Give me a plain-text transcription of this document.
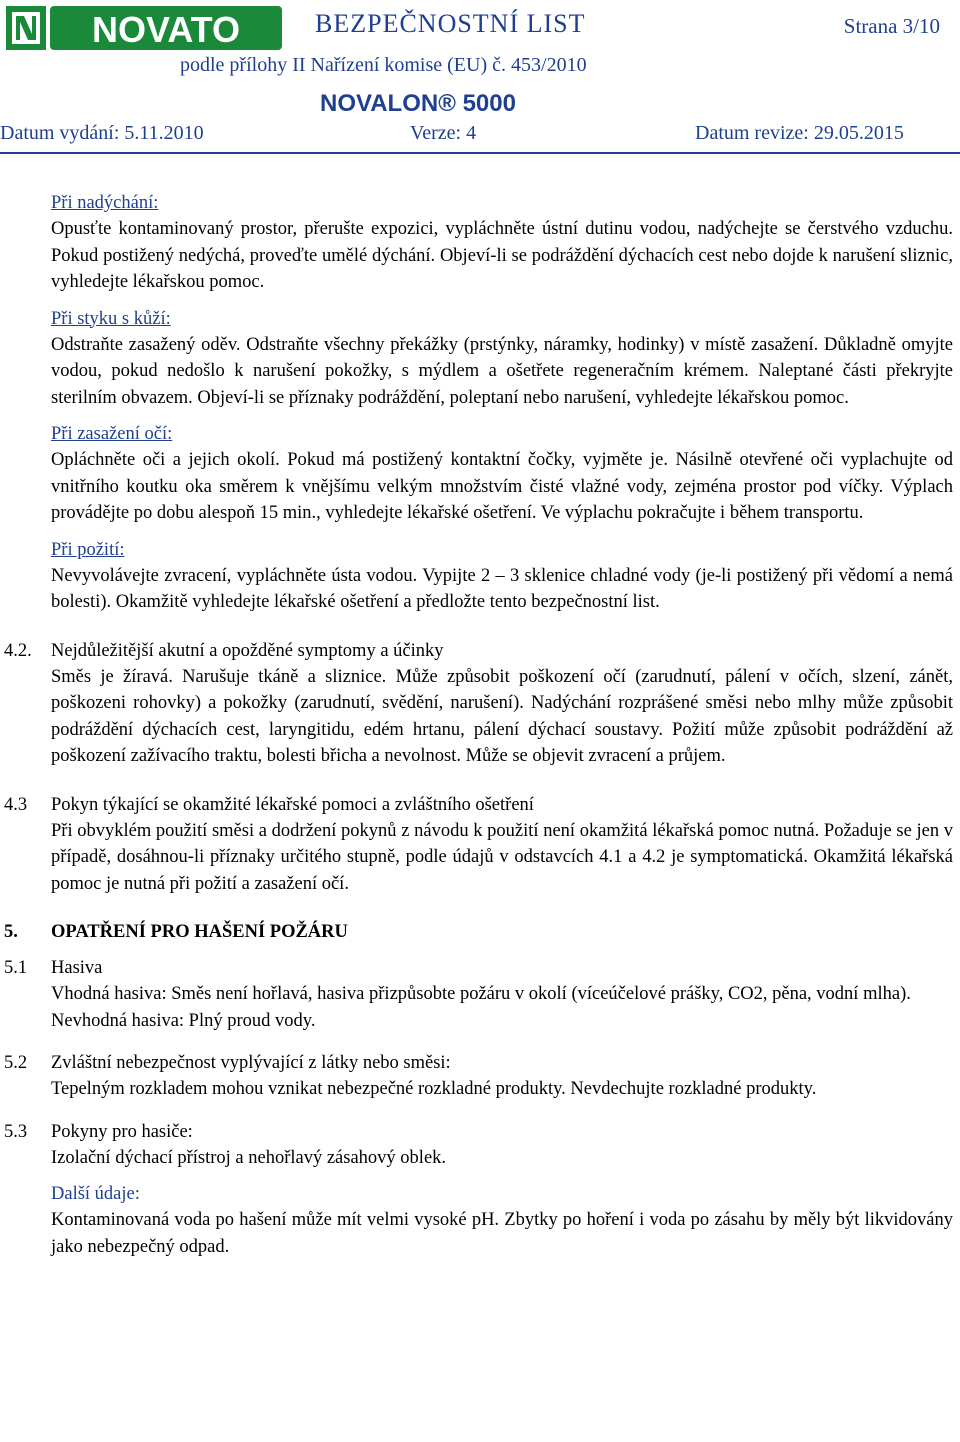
NOVATO	BEZPEČNOSTNÍ LIST	Strana 3/10
podle přílohy II Nařízení komise (EU) č. 453/2010
NOVALON® 5000
Datum vydání: 5.11.2010	Verze: 4	Datum revize: 29.05.2015
Při nadýchání:

Opusťte kontaminovaný prostor, přerušte expozici, vypláchněte ústní dutinu vodou, nadýchejte se čerstvého vzduchu. Pokud postižený nedýchá, proveďte umělé dýchání. Objeví-li se podráždění dýchacích cest nebo dojde k narušení sliznic, vyhledejte lékařskou pomoc.

Při styku s kůží:

Odstraňte zasažený oděv. Odstraňte všechny překážky (prstýnky, náramky, hodinky) v místě zasažení. Důkladně omyjte vodou, pokud nedošlo k narušení pokožky, s mýdlem a ošetřete regeneračním krémem. Naleptané části překryjte sterilním obvazem. Objeví-li se příznaky podráždění, poleptaní nebo narušení, vyhledejte lékařskou pomoc.

Při zasažení očí:

Opláchněte oči a jejich okolí. Pokud má postižený kontaktní čočky, vyjměte je. Násilně otevřené oči vyplachujte od vnitřního koutku oka směrem k vnějšímu velkým množstvím čisté vlažné vody, zejména prostor pod víčky. Výplach provádějte po dobu alespoň 15 min., vyhledejte lékařské ošetření. Ve výplachu pokračujte i během transportu.

Při požití:

Nevyvolávejte zvracení, vypláchněte ústa vodou. Vypijte 2 – 3 sklenice chladné vody (je-li postižený při vědomí a nemá bolesti). Okamžitě vyhledejte lékařské ošetření a předložte tento bezpečnostní list.

4.2. Nejdůležitější akutní a opožděné symptomy a účinky

Směs je žíravá. Narušuje tkáně a sliznice. Může způsobit poškození očí (zarudnutí, pálení v očích, slzení, zánět, poškozeni rohovky) a pokožky (zarudnutí, svědění, narušení). Nadýchání rozprášené směsi nebo mlhy může způsobit podráždění dýchacích cest, laryngitidu, edém hrtanu, pálení dýchací soustavy. Požití může způsobit podráždění až poškození zažívacího traktu, bolesti břicha a nevolnost. Může se objevit zvracení a průjem.

4.3 Pokyn týkající se okamžité lékařské pomoci a zvláštního ošetření

Při obvyklém použití směsi a dodržení pokynů z návodu k použití není okamžitá lékařská pomoc nutná. Požaduje se jen v případě, dosáhnou-li příznaky určitého stupně, podle údajů v odstavcích 4.1 a 4.2 je symptomatická. Okamžitá lékařská pomoc je nutná při požití a zasažení očí.

5. OPATŘENÍ PRO HAŠENÍ POŽÁRU
5.1 Hasiva

Vhodná hasiva: Směs není hořlavá, hasiva přizpůsobte požáru v okolí (víceúčelové prášky, CO2, pěna, vodní mlha).

Nevhodná hasiva: Plný proud vody.

5.2 Zvláštní nebezpečnost vyplývající z látky nebo směsi:

Tepelným rozkladem mohou vznikat nebezpečné rozkladné produkty. Nevdechujte rozkladné produkty.

5.3 Pokyny pro hasiče:

Izolační dýchací přístroj a nehořlavý zásahový oblek.

Další údaje:

Kontaminovaná voda po hašení může mít velmi vysoké pH. Zbytky po hoření i voda po zásahu by měly být likvidovány jako nebezpečný odpad.
